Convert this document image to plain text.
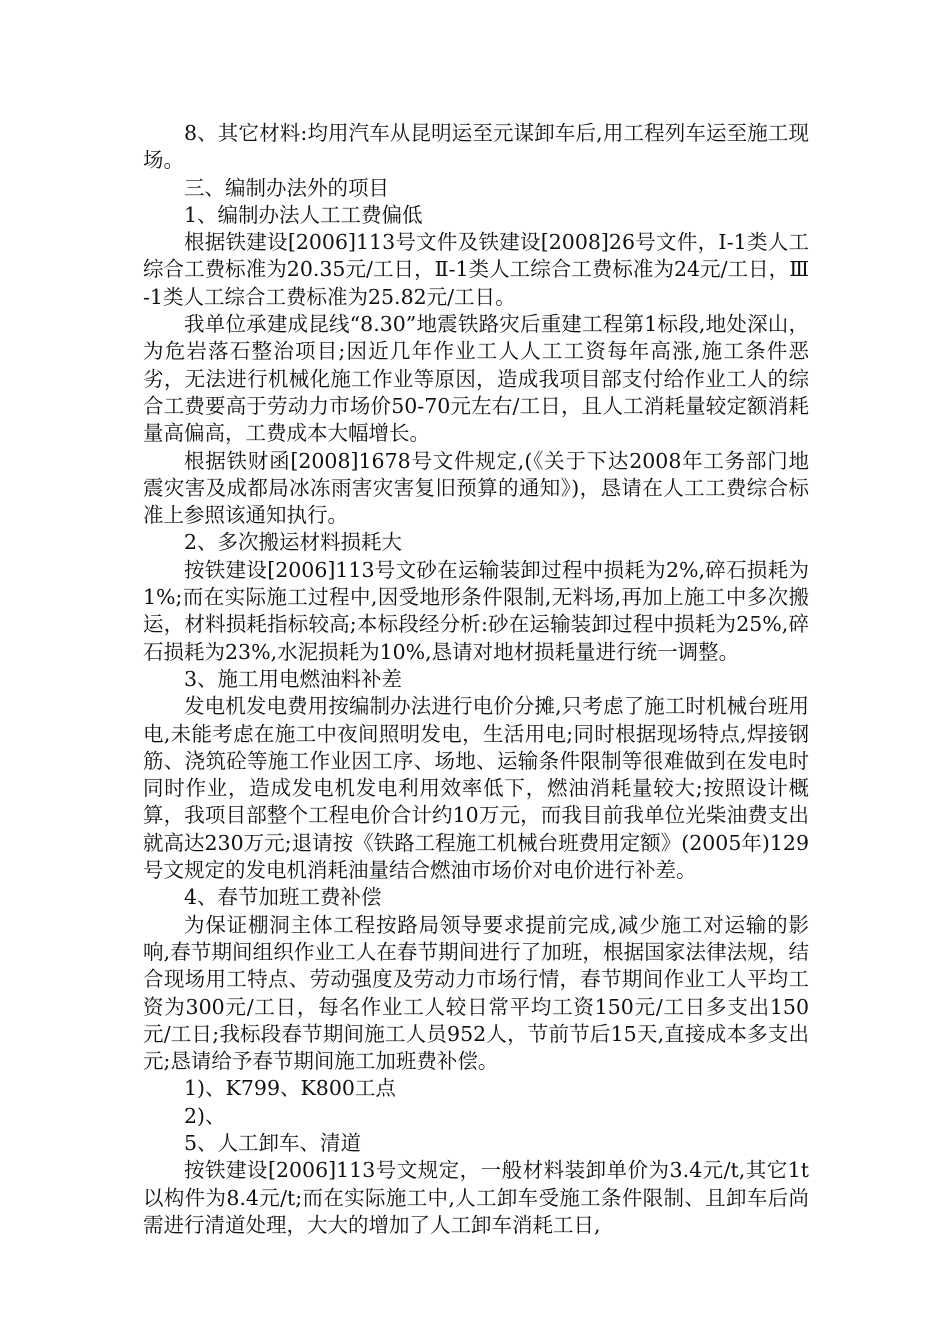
8、其它材料:均用汽车从昆明运至元谋卸车后,用工程列车运至施工现场。

三、编制办法外的项目

1、编制办法人工工费偏低

根据铁建设[2006]113号文件及铁建设[2008]26号文件，Ⅰ-1类人工综合工费标准为20.35元/工日，Ⅱ-1类人工综合工费标准为24元/工日，Ⅲ-1类人工综合工费标准为25.82元/工日。

我单位承建成昆线“8.30”地震铁路灾后重建工程第1标段,地处深山，为危岩落石整治项目;因近几年作业工人人工工资每年高涨,施工条件恶劣，无法进行机械化施工作业等原因，造成我项目部支付给作业工人的综合工费要高于劳动力市场价50-70元左右/工日，且人工消耗量较定额消耗量高偏高，工费成本大幅增长。

根据铁财函[2008]1678号文件规定,(《关于下达2008年工务部门地震灾害及成都局冰冻雨害灾害复旧预算的通知》)，恳请在人工工费综合标准上参照该通知执行。

2、多次搬运材料损耗大

按铁建设[2006]113号文砂在运输装卸过程中损耗为2%,碎石损耗为1%;而在实际施工过程中,因受地形条件限制,无料场,再加上施工中多次搬运，材料损耗指标较高;本标段经分析:砂在运输装卸过程中损耗为25%,碎石损耗为23%,水泥损耗为10%,恳请对地材损耗量进行统一调整。

3、施工用电燃油料补差

发电机发电费用按编制办法进行电价分摊,只考虑了施工时机械台班用电,未能考虑在施工中夜间照明发电，生活用电;同时根据现场特点,焊接钢筋、浇筑砼等施工作业因工序、场地、运输条件限制等很难做到在发电时同时作业，造成发电机发电利用效率低下，燃油消耗量较大;按照设计概算，我项目部整个工程电价合计约10万元，而我目前我单位光柴油费支出就高达230万元;退请按《铁路工程施工机械台班费用定额》(2005年)129号文规定的发电机消耗油量结合燃油市场价对电价进行补差。

4、春节加班工费补偿

为保证棚洞主体工程按路局领导要求提前完成,减少施工对运输的影响,春节期间组织作业工人在春节期间进行了加班，根据国家法律法规，结合现场用工特点、劳动强度及劳动力市场行情，春节期间作业工人平均工资为300元/工日，每名作业工人较日常平均工资150元/工日多支出150元/工日;我标段春节期间施工人员952人，节前节后15天,直接成本多支出元;恳请给予春节期间施工加班费补偿。

1)、K799、K800工点

2)、

5、人工卸车、清道

按铁建设[2006]113号文规定，一般材料装卸单价为3.4元/t,其它1t以构件为8.4元/t;而在实际施工中,人工卸车受施工条件限制、且卸车后尚需进行清道处理，大大的增加了人工卸车消耗工日,
